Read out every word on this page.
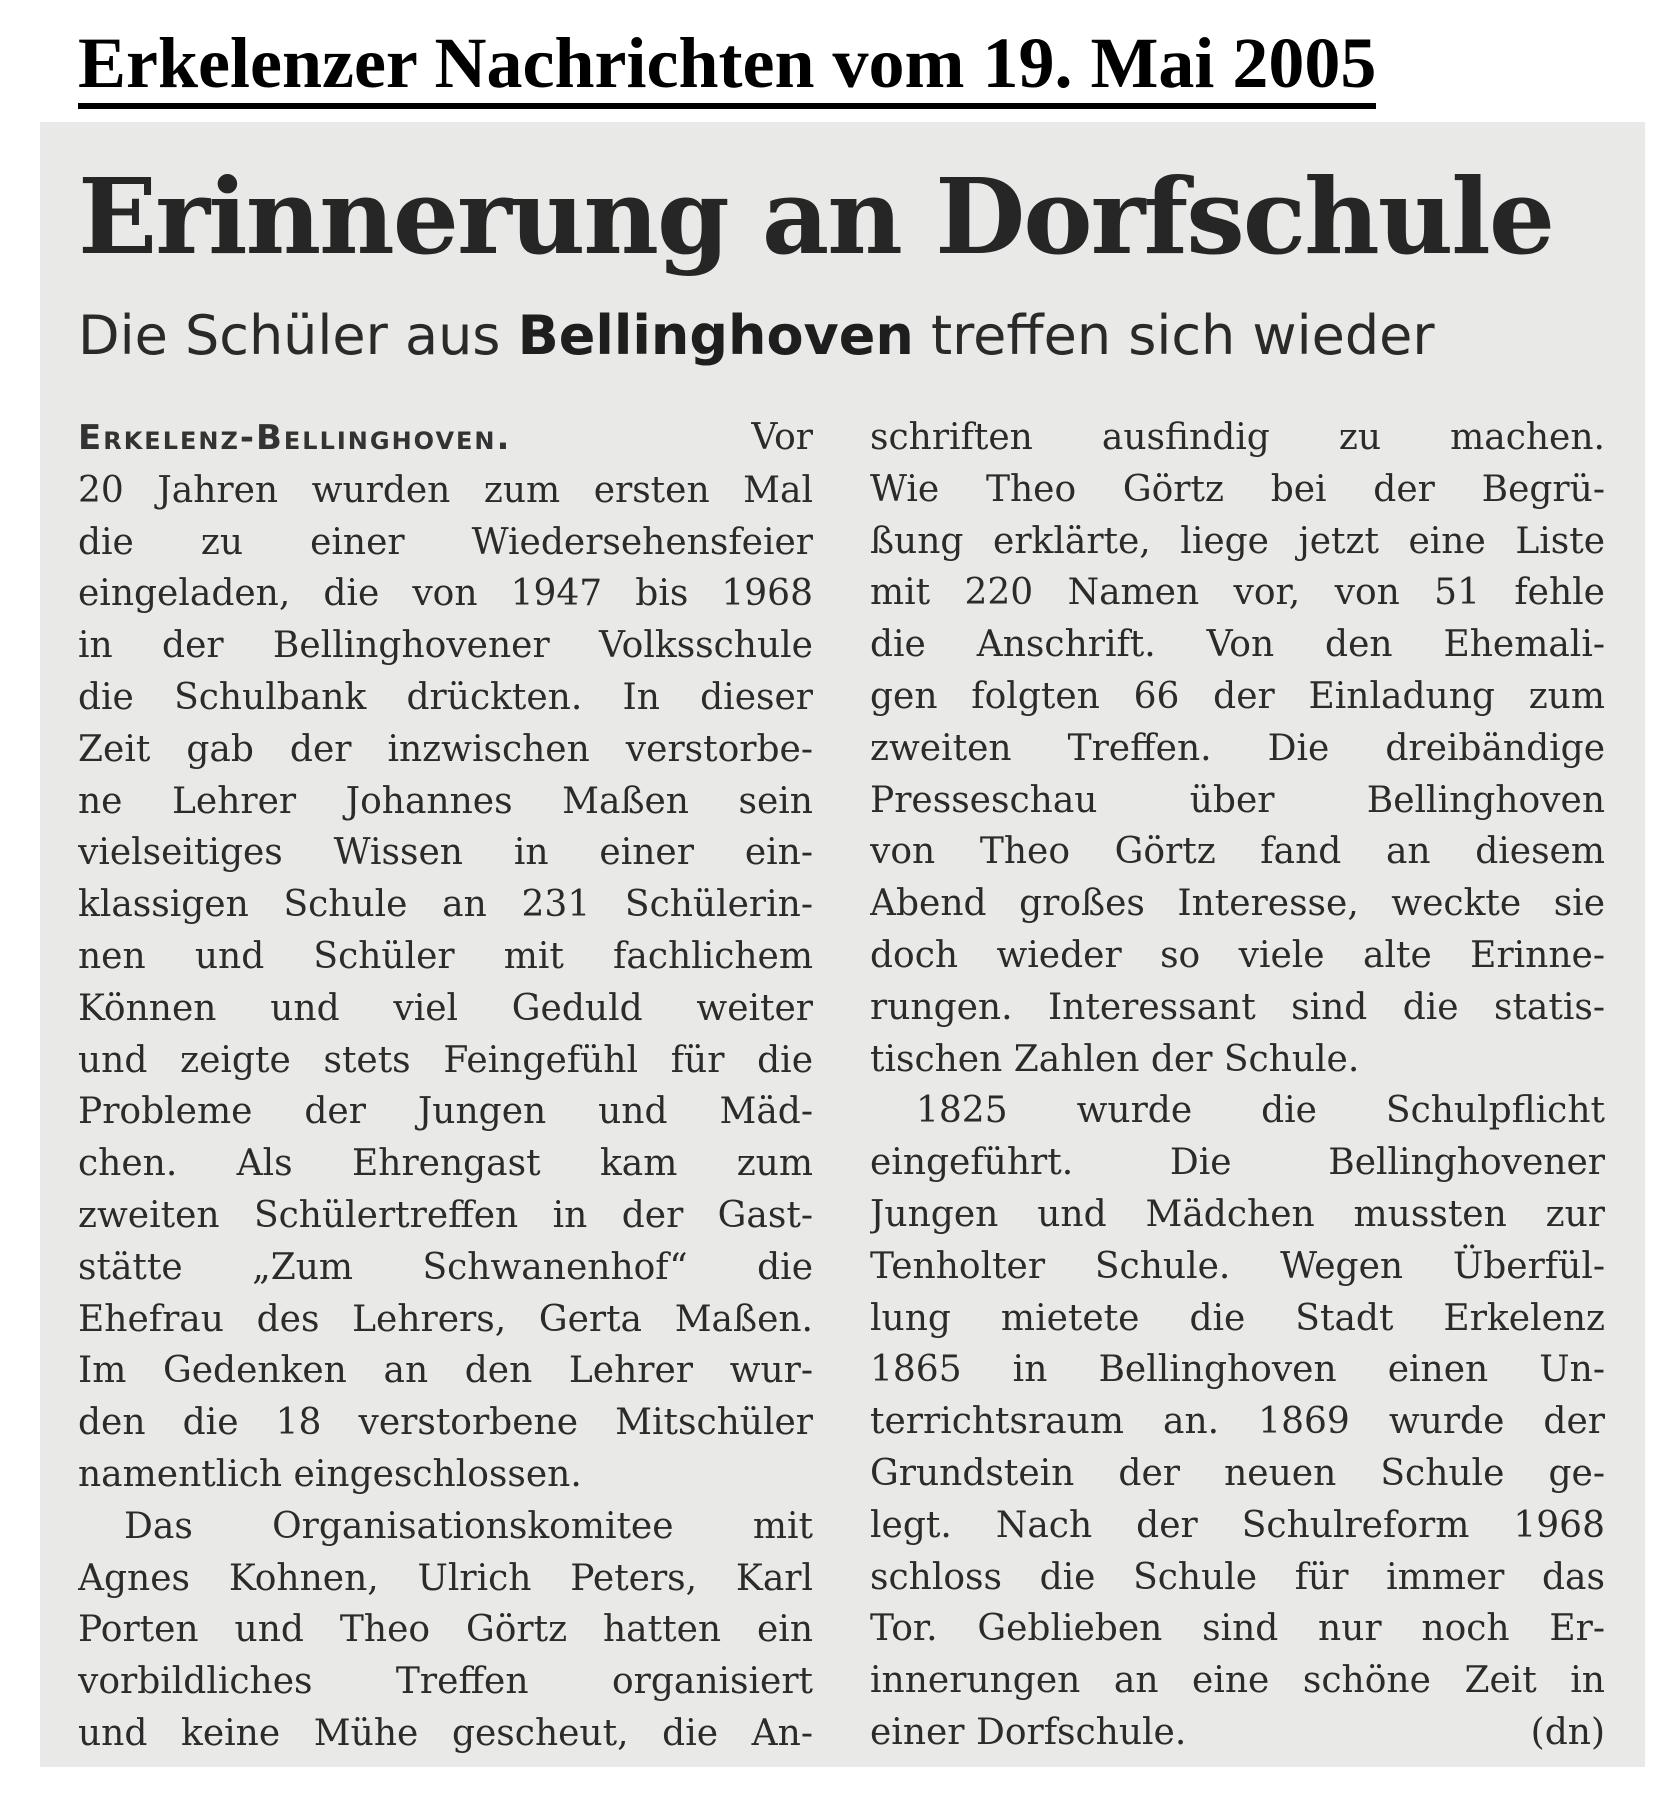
Erkelenzer Nachrichten vom 19. Mai 2005
Erinnerung an Dorfschule
Die Schüler aus Bellinghoven treffen sich wieder
Erkelenz-Bellinghoven.	Vor
20 Jahren wurden zum ersten Mal
die zu einer Wiedersehensfeier
eingeladen, die von 1947 bis 1968
in der Bellinghovener Volksschule
die Schulbank drückten. In dieser
Zeit gab der inzwischen verstorbe-
ne Lehrer Johannes Maßen sein
vielseitiges Wissen in einer ein-
klassigen Schule an 231 Schülerin-
nen und Schüler mit fachlichem
Können und viel Geduld weiter
und zeigte stets Feingefühl für die
Probleme der Jungen und Mäd-
chen. Als Ehrengast kam zum
zweiten Schülertreffen in der Gast-
stätte „Zum Schwanenhof“ die
Ehefrau des Lehrers, Gerta Maßen.
Im Gedenken an den Lehrer wur-
den die 18 verstorbene Mitschüler
namentlich eingeschlossen.
Das Organisationskomitee mit
Agnes Kohnen, Ulrich Peters, Karl
Porten und Theo Görtz hatten ein
vorbildliches Treffen organisiert
und keine Mühe gescheut, die An-
schriften ausfindig zu machen.
Wie Theo Görtz bei der Begrü-
ßung erklärte, liege jetzt eine Liste
mit 220 Namen vor, von 51 fehle
die Anschrift. Von den Ehemali-
gen folgten 66 der Einladung zum
zweiten Treffen. Die dreibändige
Presseschau über Bellinghoven
von Theo Görtz fand an diesem
Abend großes Interesse, weckte sie
doch wieder so viele alte Erinne-
rungen. Interessant sind die statis-
tischen Zahlen der Schule.
1825 wurde die Schulpflicht
eingeführt. Die Bellinghovener
Jungen und Mädchen mussten zur
Tenholter Schule. Wegen Überfül-
lung mietete die Stadt Erkelenz
1865 in Bellinghoven einen Un-
terrichtsraum an. 1869 wurde der
Grundstein der neuen Schule ge-
legt. Nach der Schulreform 1968
schloss die Schule für immer das
Tor. Geblieben sind nur noch Er-
innerungen an eine schöne Zeit in
einer Dorfschule.	(dn)
